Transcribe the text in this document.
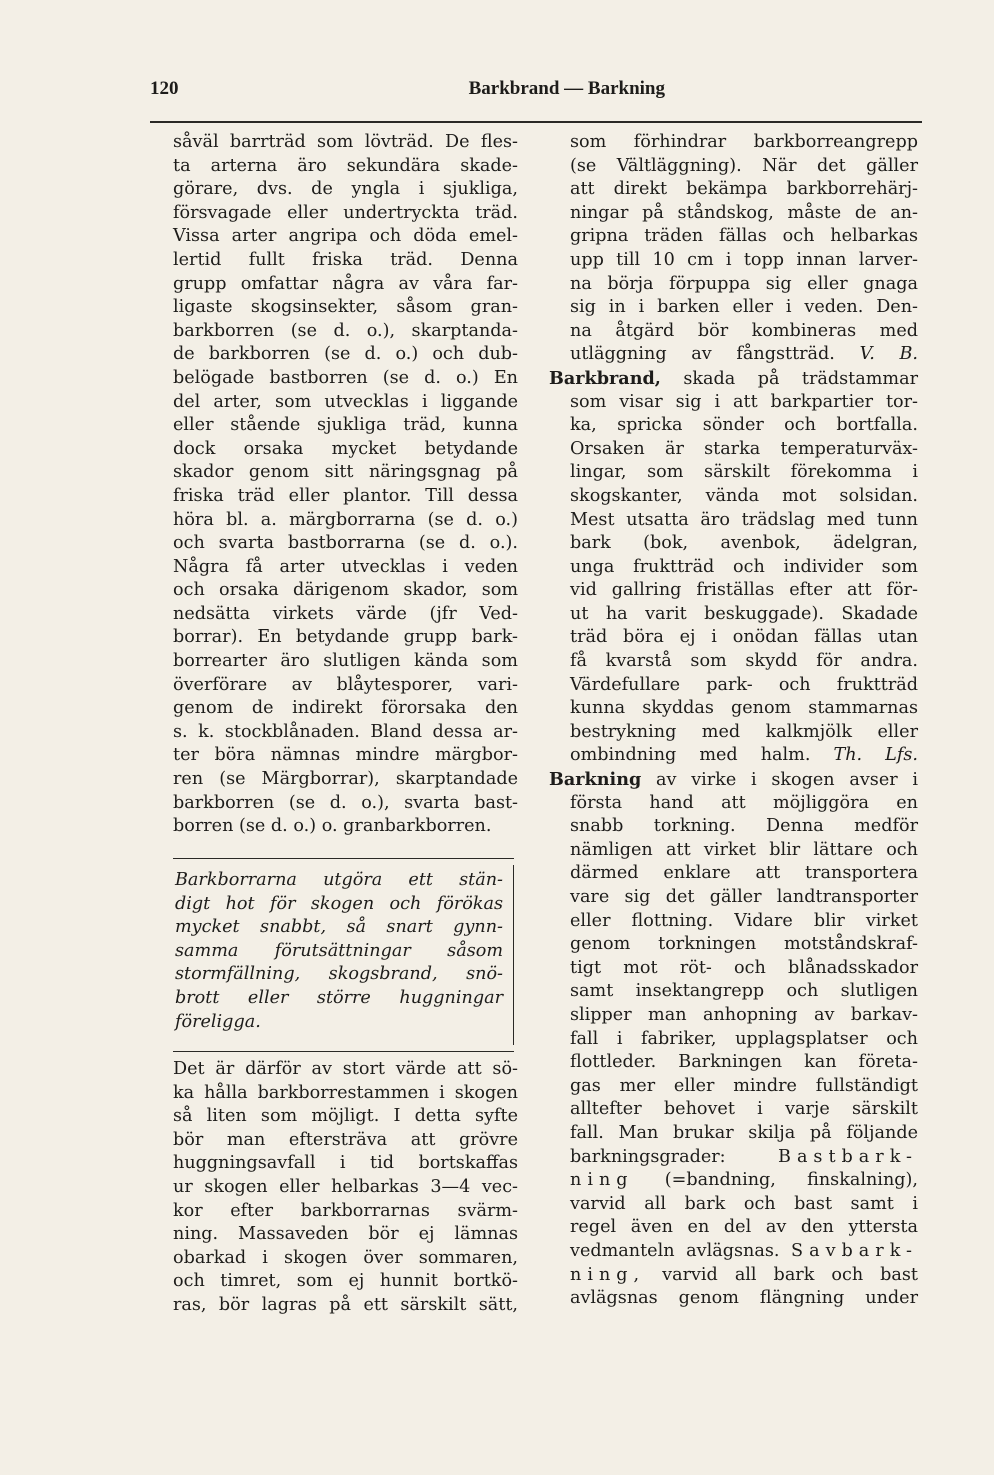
120	Barkbrand — Barkning
såväl barrträd som lövträd. De fles-
ta arterna äro sekundära skade-
görare, dvs. de yngla i sjukliga,
försvagade eller undertryckta träd.
Vissa arter angripa och döda emel-
lertid fullt friska träd. Denna
grupp omfattar några av våra far-
ligaste skogsinsekter, såsom gran-
barkborren (se d. o.), skarptanda-
de barkborren (se d. o.) och dub-
belögade bastborren (se d. o.) En
del arter, som utvecklas i liggande
eller stående sjukliga träd, kunna
dock orsaka mycket betydande
skador genom sitt näringsgnag på
friska träd eller plantor. Till dessa
höra bl. a. märgborrarna (se d. o.)
och svarta bastborrarna (se d. o.).
Några få arter utvecklas i veden
och orsaka därigenom skador, som
nedsätta virkets värde (jfr Ved-
borrar). En betydande grupp bark-
borrearter äro slutligen kända som
överförare av blåytesporer, vari-
genom de indirekt förorsaka den
s. k. stockblånaden. Bland dessa ar-
ter böra nämnas mindre märgbor-
ren (se Märgborrar), skarptandade
barkborren (se d. o.), svarta bast-
borren (se d. o.) o. granbarkborren.
Barkborrarna utgöra ett stän-
digt hot för skogen och förökas
mycket snabbt, så snart gynn-
samma förutsättningar såsom
stormfällning, skogsbrand, snö-
brott eller större huggningar
föreligga.
Det är därför av stort värde att sö-
ka hålla barkborrestammen i skogen
så liten som möjligt. I detta syfte
bör man eftersträva att grövre
huggningsavfall i tid bortskaffas
ur skogen eller helbarkas 3—4 vec-
kor efter barkborrarnas svärm-
ning. Massaveden bör ej lämnas
obarkad i skogen över sommaren,
och timret, som ej hunnit bortkö-
ras, bör lagras på ett särskilt sätt,
som förhindrar barkborreangrepp
(se Vältläggning). När det gäller
att direkt bekämpa barkborrehärj-
ningar på ståndskog, måste de an-
gripna träden fällas och helbarkas
upp till 10 cm i topp innan larver-
na börja förpuppa sig eller gnaga
sig in i barken eller i veden. Den-
na åtgärd bör kombineras med
utläggning av fångstträd. V. B.
Barkbrand, skada på trädstammar
som visar sig i att barkpartier tor-
ka, spricka sönder och bortfalla.
Orsaken är starka temperaturväx-
lingar, som särskilt förekomma i
skogskanter, vända mot solsidan.
Mest utsatta äro trädslag med tunn
bark (bok, avenbok, ädelgran,
unga fruktträd och individer som
vid gallring friställas efter att för-
ut ha varit beskuggade). Skadade
träd böra ej i onödan fällas utan
få kvarstå som skydd för andra.
Värdefullare park- och fruktträd
kunna skyddas genom stammarnas
bestrykning med kalkmjölk eller
ombindning med halm. Th. Lfs.
Barkning av virke i skogen avser i
första hand att möjliggöra en
snabb torkning. Denna medför
nämligen att virket blir lättare och
därmed enklare att transportera
vare sig det gäller landtransporter
eller flottning. Vidare blir virket
genom torkningen motståndskraf-
tigt mot röt- och blånadsskador
samt insektangrepp och slutligen
slipper man anhopning av barkav-
fall i fabriker, upplagsplatser och
flottleder. Barkningen kan företa-
gas mer eller mindre fullständigt
alltefter behovet i varje särskilt
fall. Man brukar skilja på följande
barkningsgrader:	Bastbark-
ning (=bandning, finskalning),
varvid all bark och bast samt i
regel även en del av den yttersta
vedmanteln avlägsnas. Savbark-
ning, varvid all bark och bast
avlägsnas genom flängning under
